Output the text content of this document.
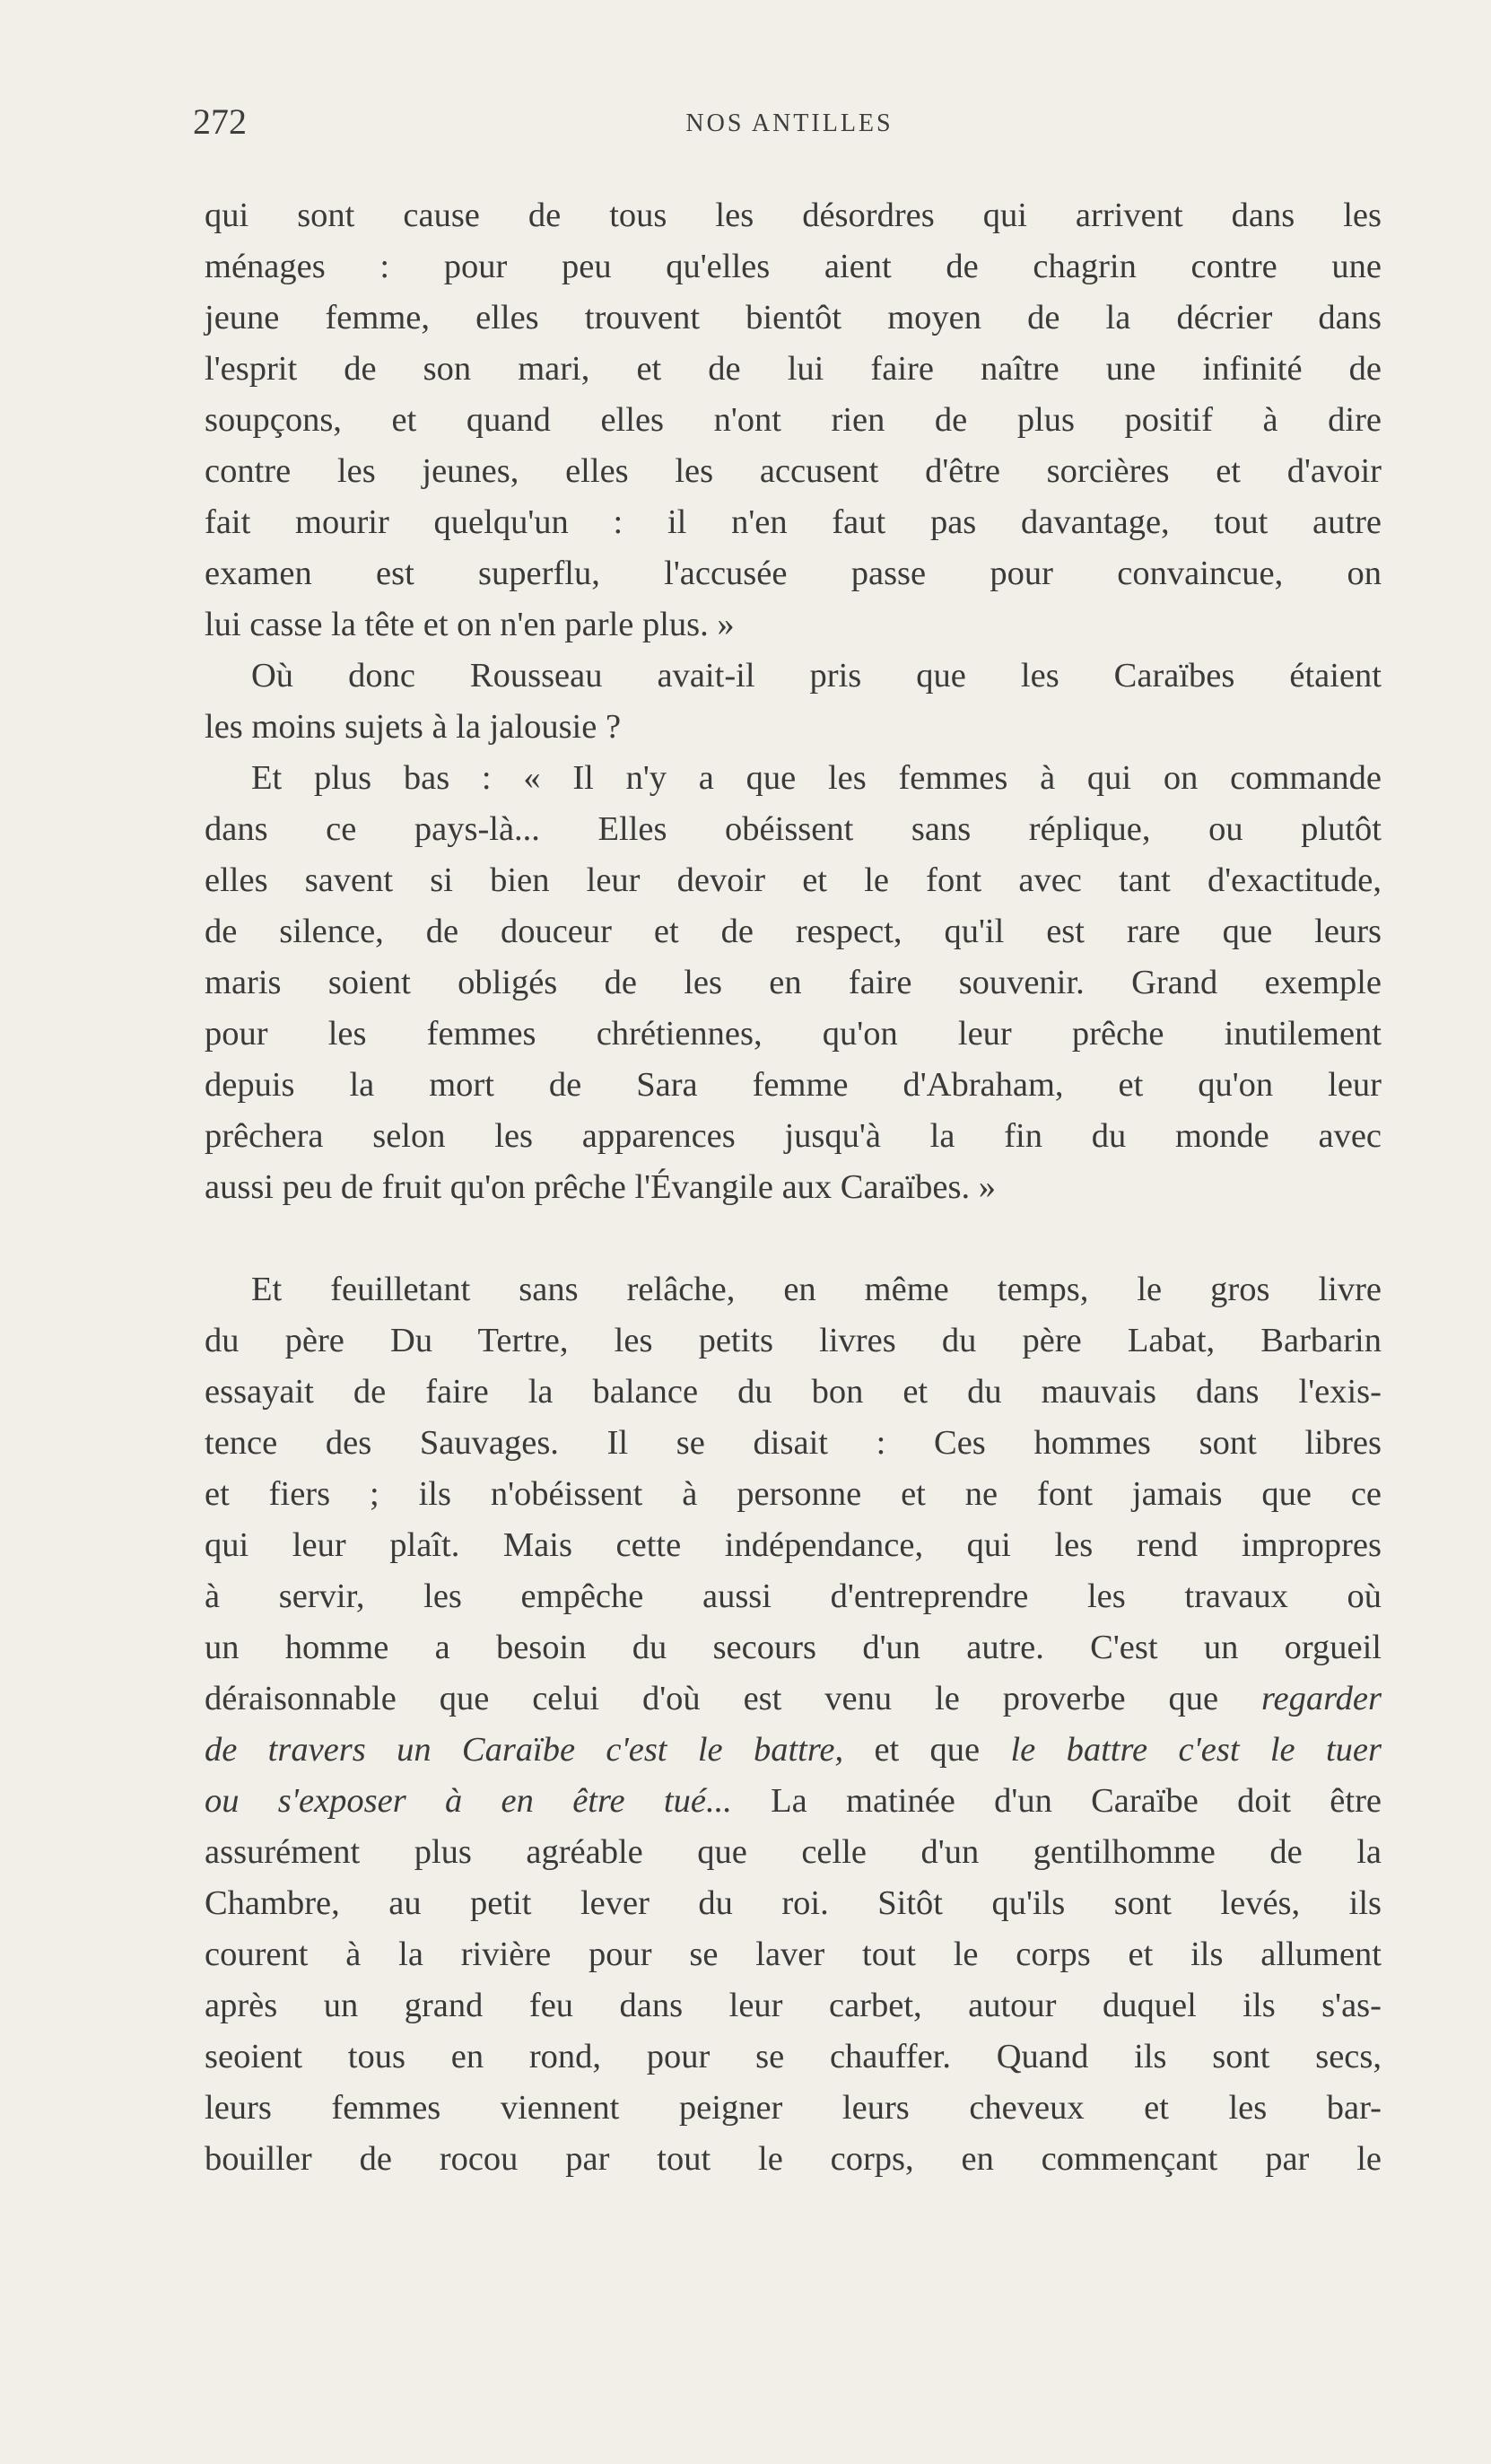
272	NOS ANTILLES
qui sont cause de tous les désordres qui arrivent dans les
ménages : pour peu qu'elles aient de chagrin contre une
jeune femme, elles trouvent bientôt moyen de la décrier dans
l'esprit de son mari, et de lui faire naître une infinité de
soupçons, et quand elles n'ont rien de plus positif à dire
contre les jeunes, elles les accusent d'être sorcières et d'avoir
fait mourir quelqu'un : il n'en faut pas davantage, tout autre
examen est superflu, l'accusée passe pour convaincue, on
lui casse la tête et on n'en parle plus. »
Où donc Rousseau avait-il pris que les Caraïbes étaient
les moins sujets à la jalousie ?
Et plus bas : « Il n'y a que les femmes à qui on commande
dans ce pays-là... Elles obéissent sans réplique, ou plutôt
elles savent si bien leur devoir et le font avec tant d'exactitude,
de silence, de douceur et de respect, qu'il est rare que leurs
maris soient obligés de les en faire souvenir. Grand exemple
pour les femmes chrétiennes, qu'on leur prêche inutilement
depuis la mort de Sara femme d'Abraham, et qu'on leur
prêchera selon les apparences jusqu'à la fin du monde avec
aussi peu de fruit qu'on prêche l'Évangile aux Caraïbes. »
Et feuilletant sans relâche, en même temps, le gros livre
du père Du Tertre, les petits livres du père Labat, Barbarin
essayait de faire la balance du bon et du mauvais dans l'exis-
tence des Sauvages. Il se disait : Ces hommes sont libres
et fiers ; ils n'obéissent à personne et ne font jamais que ce
qui leur plaît. Mais cette indépendance, qui les rend impropres
à servir, les empêche aussi d'entreprendre les travaux où
un homme a besoin du secours d'un autre. C'est un orgueil
déraisonnable que celui d'où est venu le proverbe que regarder
de travers un Caraïbe c'est le battre, et que le battre c'est le tuer
ou s'exposer à en être tué... La matinée d'un Caraïbe doit être
assurément plus agréable que celle d'un gentilhomme de la
Chambre, au petit lever du roi. Sitôt qu'ils sont levés, ils
courent à la rivière pour se laver tout le corps et ils allument
après un grand feu dans leur carbet, autour duquel ils s'as-
seoient tous en rond, pour se chauffer. Quand ils sont secs,
leurs femmes viennent peigner leurs cheveux et les bar-
bouiller de rocou par tout le corps, en commençant par le
